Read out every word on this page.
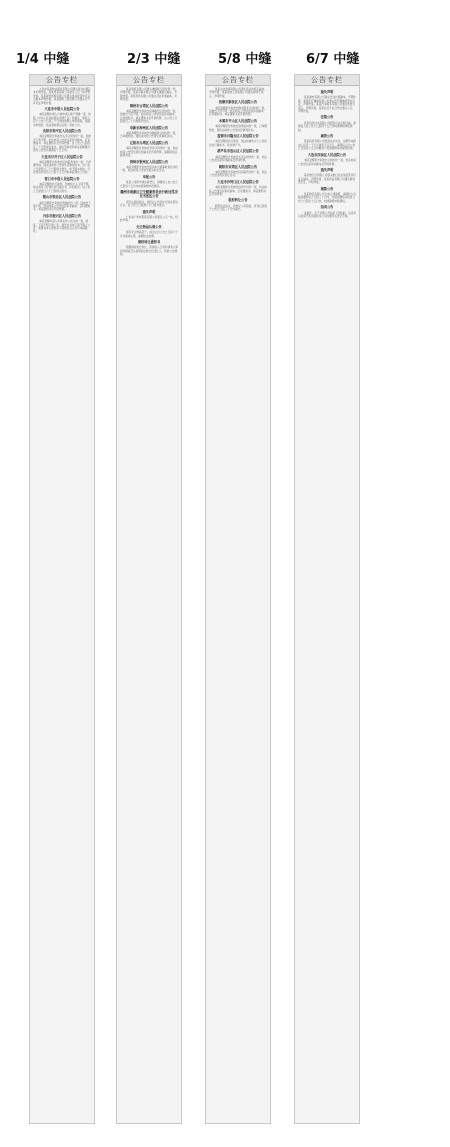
1/4 中缝	2/3 中缝	5/8 中缝	6/7 中缝
公告专栏

大连市某某物业服务有限公司遗失营业执照正本声明作废。某某贸易有限公司遗失公章一枚声明作废。某某餐饮管理有限公司遗失食品经营许可证正副本声明作废。某某建筑工程有限公司遗失开户许可证声明作废。

大连市中级人民法院公告

本院受理申请人与被申请人破产清算一案，依照《中华人民共和国企业破产法》的规定，债权人应于公告之日起三十日内向管理人申报债权。逾期未申报的，依法承担相应后果。特此公告。

沈阳市和平区人民法院公告

本院受理原告诉被告买卖合同纠纷一案，因被告下落不明，依法向其公告送达起诉状副本、应诉通知书、举证通知书及开庭传票。自公告之日起经过三十日即视为送达，提出答辩状和举证的期限分别为公告送达期满后十五日内。

大连市甘井子区人民法院公告

本院审理原告诉被告民间借贷纠纷一案，已审理终结。现依法向你公告送达民事判决书，自公告之日起经过三十日即视为送达。如不服本判决，可在判决书送达之日起十五日内向本院递交上诉状。

营口市中级人民法院公告

本院受理的执行案件，因被执行人下落不明，依法向其公告送达执行裁定书、评估报告。自公告之日起经过六十日即视为送达。

鞍山市铁东区人民法院公告

本院受理原告诉被告离婚纠纷一案，因被告下落不明，依法向其公告送达起诉状副本、应诉通知书、举证通知书及开庭传票。

丹东市振兴区人民法院公告

本院受理申请人申请宣告公民失踪一案，经查，下落不明已满二年。现发出寻找下落不明人公告，希望其本人或知其下落的有关人员与本院联系。

公告专栏

某某商贸有限公司遗失增值税专用发票一份，声明作废。某某运输有限公司遗失道路运输证，声明作废。某某科技有限公司遗失营业执照副本，声明作废。

锦州市古塔区人民法院公告

本院受理原告诉被告房屋租赁合同纠纷一案，因被告下落不明，依法向其公告送达起诉状副本、应诉通知书、举证通知书及开庭传票。自公告之日起经过三十日即视为送达。

阜新市海州区人民法院公告

本院审理原告诉被告金融借款合同纠纷一案，已审理终结。现依法向你公告送达民事判决书。

辽阳市白塔区人民法院公告

本院受理原告诉被告劳务合同纠纷一案，依法向其公告送达起诉状副本及开庭传票。逾期将依法缺席判决。

铁岭市银州区人民法院公告

本院受理原告诉被告机动车交通事故责任纠纷一案，依法向其公告送达相关诉讼文书。

申报公告

某某公司拟申请注销登记，请债权人自公告之日起四十五日内向清算组申报债权。

赣州市南康区卫生健康委员会行政处罚决定书送达公告

因无法直接送达，现依法公告送达行政处罚决定书，自公告之日起满六十日视为送达。

遗失声明

广东省广州市某某有限公司遗失公章一枚，特此声明。

无主物品认领公告

现有无主物品若干，请失主自公告之日起六个月内前来认领，逾期依法处理。

债权转让通知书

根据债权转让协议，原债权人已将对债务人享有的债权及从权利依法转让给受让人，特此公告通知。

公告专栏

某某文化传媒有限公司遗失营业执照正副本，声明作废。某某装饰工程有限公司遗失财务专用章，声明作废。

抚顺市新抚区人民法院公告

本院受理原告诉被告物业服务合同纠纷一案，因被告下落不明，依法向其公告送达起诉状副本、应诉通知书、举证通知书及开庭传票。

本溪市平山区人民法院公告

本院审理原告诉被告追偿权纠纷一案，已审理终结，现依法向你公告送达民事判决书。

盘锦市兴隆台区人民法院公告

本院受理的执行案件，依法向被执行人公告送达执行通知书、报告财产令。

葫芦岛市连山区人民法院公告

本院受理原告诉被告买卖合同纠纷一案，依法公告送达起诉状副本及开庭传票。

朝阳市双塔区人民法院公告

本院受理原告诉被告民间借贷纠纷一案，依法公告送达相关诉讼文书。

大连市沙河口区人民法院公告

本院受理原告诉被告信用卡纠纷一案，依法向其公告送达起诉状副本、应诉通知书、举证通知书及开庭传票。

股权转让公告

经股东会决议，拟转让公司股权，有异议者请于公告之日起三十日内提出。

公告专栏

遗失声明

某某建材有限公司遗失营业执照副本，声明作废。某某医疗器械有限公司遗失医疗器械经营许可证，声明作废。某某汽车服务有限公司遗失发票专用章，声明作废。某某农业专业合作社遗失公章，声明作废。

注销公告

某某信息技术有限公司经股东决定拟注销，请债权人自公告之日起四十五日内向清算组申报债权。

减资公告

某某投资有限公司经股东会决议，注册资本拟由人民币一千万元减至五百万元，请债权人自公告之日起四十五日内要求公司清偿债务或提供担保。

大连市西岗区人民法院公告

本院受理原告诉被告合同纠纷一案，依法向其公告送达起诉状副本及开庭传票。

遗失声明

某某旅行社有限公司遗失旅行社业务经营许可证正副本，声明作废。某某食品有限公司遗失税务登记证，声明作废。

清算公告

某某物流有限公司已成立清算组，请债权人自接到通知书之日起三十日内，未接到通知书的自公告之日起四十五日内，向清算组申报债权。

拍卖公告

受委托，定于近期公开拍卖下列标的，有意竞买者请于拍卖前到本公司办理竞买登记手续。
